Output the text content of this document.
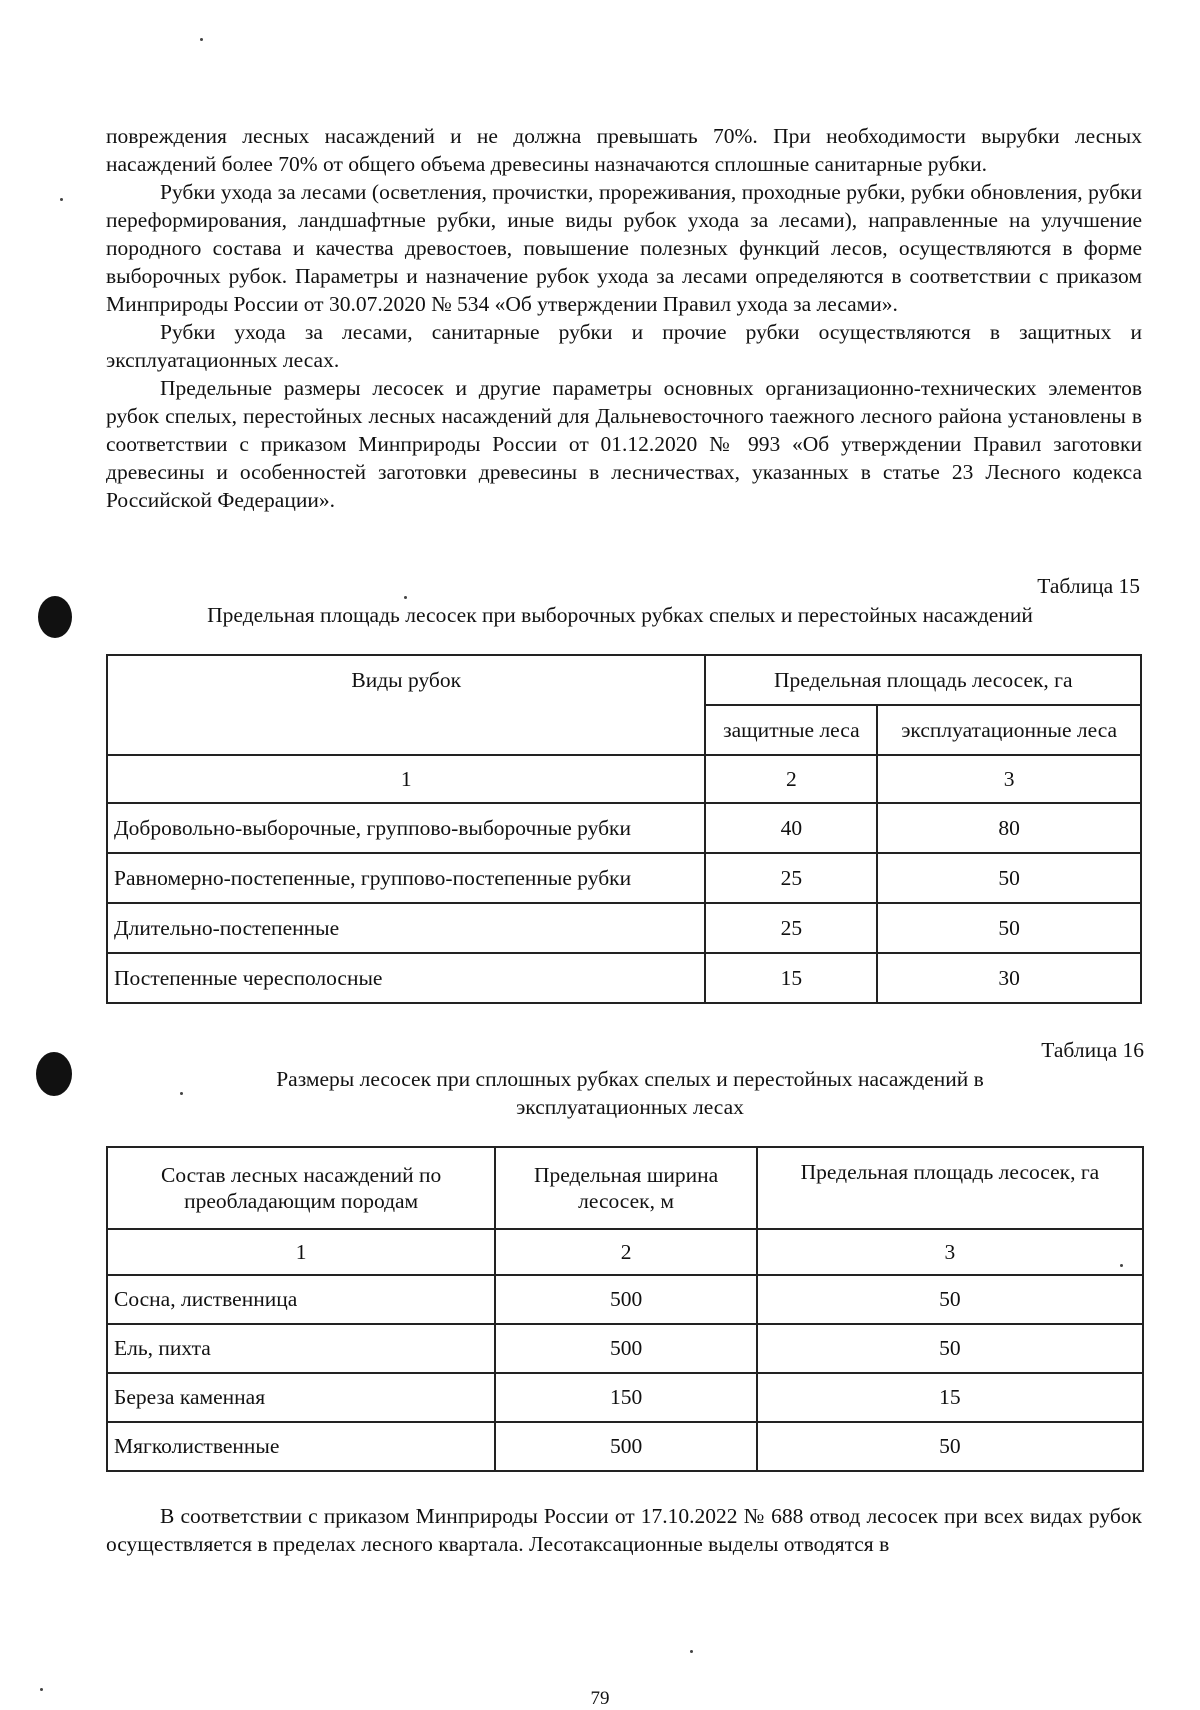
повреждения лесных насаждений и не должна превышать 70%. При необходимости вырубки лесных насаждений более 70% от общего объема древесины назначаются сплошные санитарные рубки.

Рубки ухода за лесами (осветления, прочистки, прореживания, проходные рубки, рубки обновления, рубки переформирования, ландшафтные рубки, иные виды рубок ухода за лесами), направленные на улучшение породного состава и качества древостоев, повышение полезных функций лесов, осуществляются в форме выборочных рубок. Параметры и назначение рубок ухода за лесами определяются в соответствии с приказом Минприроды России от 30.07.2020 № 534 «Об утверждении Правил ухода за лесами».

Рубки ухода за лесами, санитарные рубки и прочие рубки осуществляются в защитных и эксплуатационных лесах.

Предельные размеры лесосек и другие параметры основных организационно-технических элементов рубок спелых, перестойных лесных насаждений для Дальневосточного таежного лесного района установлены в соответствии с приказом Минприроды России от 01.12.2020 № 993 «Об утверждении Правил заготовки древесины и особенностей заготовки древесины в лесничествах, указанных в статье 23 Лесного кодекса Российской Федерации».

Таблица 15
Предельная площадь лесосек при выборочных рубках спелых и перестойных насаждений
Виды рубок	Предельная площадь лесосек, га	
	защитные леса	эксплуатационные леса
1	2	3
Добровольно-выборочные, группово-выборочные рубки	40	80
Равномерно-постепенные, группово-постепенные рубки	25	50
Длительно-постепенные	25	50
Постепенные чересполосные	15	30
Таблица 16
Размеры лесосек при сплошных рубках спелых и перестойных насаждений в
эксплуатационных лесах
Состав лесных насаждений по преобладающим породам	Предельная ширина лесосек, м	Предельная площадь лесосек, га
1	2	3
Сосна, лиственница	500	50
Ель, пихта	500	50
Береза каменная	150	15
Мягколиственные	500	50

В соответствии с приказом Минприроды России от 17.10.2022 № 688 отвод лесосек при всех видах рубок осуществляется в пределах лесного квартала. Лесотаксационные выделы отводятся в

79
